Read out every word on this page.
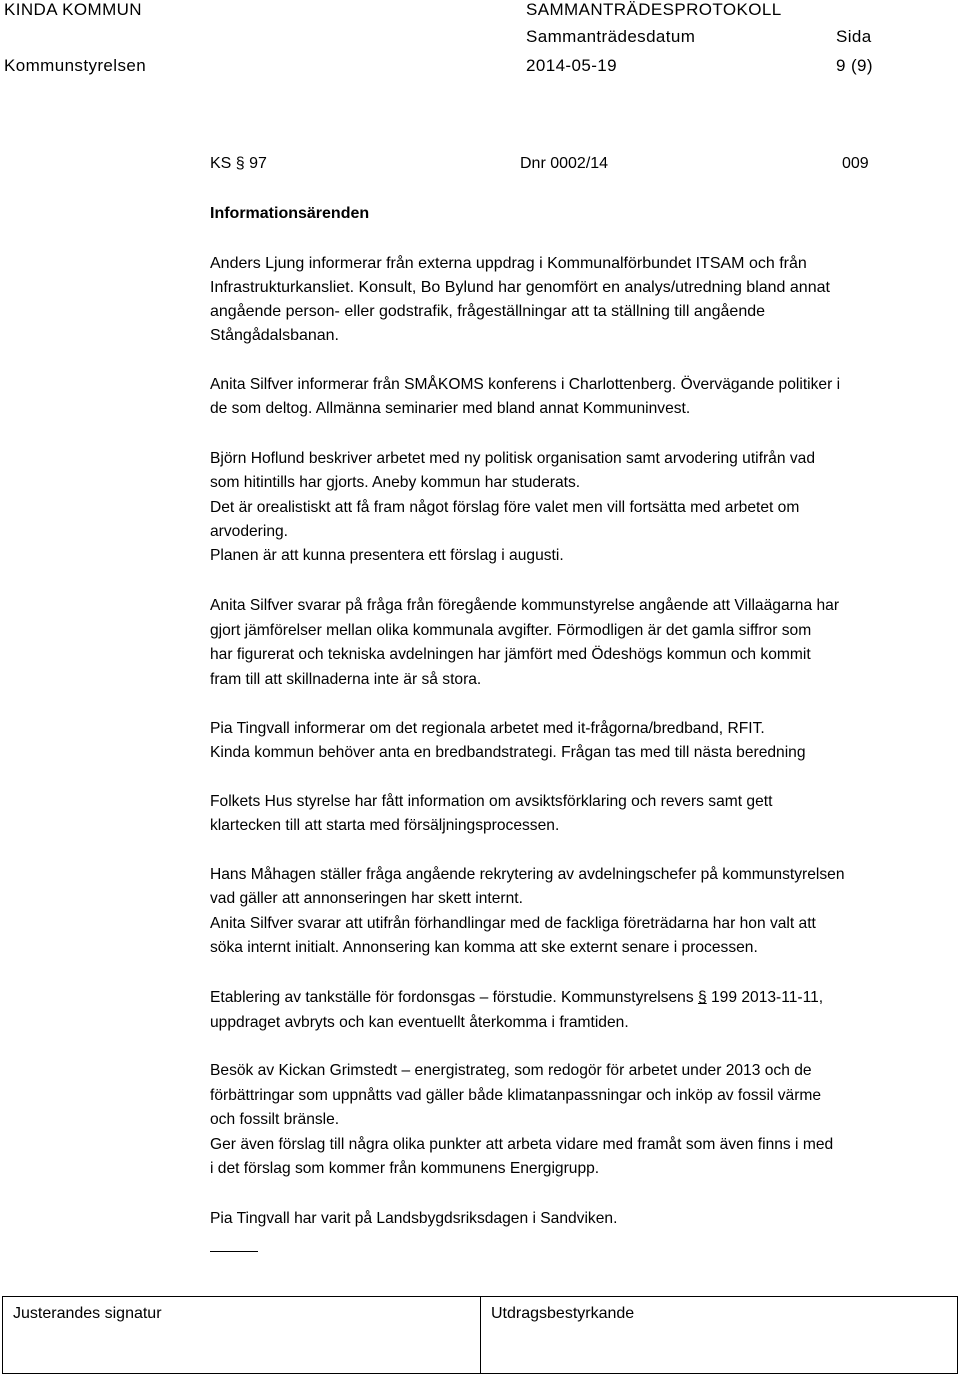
KINDA KOMMUN	SAMMANTRÄDESPROTOKOLL
Sammanträdesdatum	Sida
Kommunstyrelsen	2014-05-19	9 (9)
KS § 97	Dnr 0002/14	009
Informationsärenden
Anders Ljung informerar från externa uppdrag i Kommunalförbundet ITSAM och från
Infrastrukturkansliet. Konsult, Bo Bylund har genomfört en analys/utredning bland annat
angående person- eller godstrafik, frågeställningar att ta ställning till angående
Stångådalsbanan.
Anita Silfver informerar från SMÅKOMS konferens i Charlottenberg. Övervägande politiker i
de som deltog. Allmänna seminarier med bland annat Kommuninvest.
Björn Hoflund beskriver arbetet med ny politisk organisation samt arvodering utifrån vad
som hitintills har gjorts. Aneby kommun har studerats.
Det är orealistiskt att få fram något förslag före valet men vill fortsätta med arbetet om
arvodering.
Planen är att kunna presentera ett förslag i augusti.
Anita Silfver svarar på fråga från föregående kommunstyrelse angående att Villaägarna har
gjort jämförelser mellan olika kommunala avgifter. Förmodligen är det gamla siffror som
har figurerat och tekniska avdelningen har jämfört med Ödeshögs kommun och kommit
fram till att skillnaderna inte är så stora.
Pia Tingvall informerar om det regionala arbetet med it-frågorna/bredband, RFIT.
Kinda kommun behöver anta en bredbandstrategi. Frågan tas med till nästa beredning
Folkets Hus styrelse har fått information om avsiktsförklaring och revers samt gett
klartecken till att starta med försäljningsprocessen.
Hans Måhagen ställer fråga angående rekrytering av avdelningschefer på kommunstyrelsen
vad gäller att annonseringen har skett internt.
Anita Silfver svarar att utifrån förhandlingar med de fackliga företrädarna har hon valt att
söka internt initialt. Annonsering kan komma att ske externt senare i processen.
Etablering av tankställe för fordonsgas – förstudie. Kommunstyrelsens § 199 2013-11-11,
uppdraget avbryts och kan eventuellt återkomma i framtiden.
Besök av Kickan Grimstedt – energistrateg, som redogör för arbetet under 2013 och de
förbättringar som uppnåtts vad gäller både klimatanpassningar och inköp av fossil värme
och fossilt bränsle.
Ger även förslag till några olika punkter att arbeta vidare med framåt som även finns i med
i det förslag som kommer från kommunens Energigrupp.
Pia Tingvall har varit på Landsbygdsriksdagen i Sandviken.
Justerandes signatur	Utdragsbestyrkande
